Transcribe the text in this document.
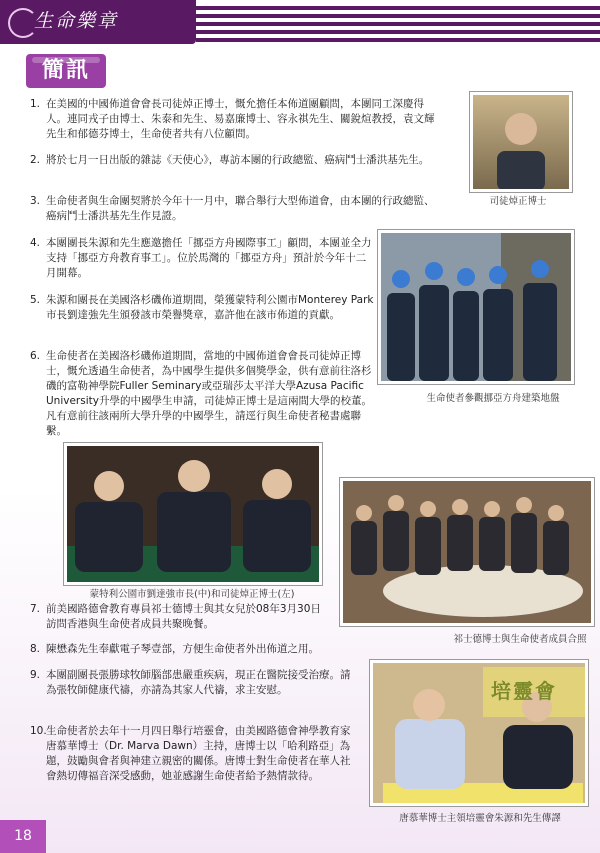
生命樂章
簡訊
1. 在美國的中國佈道會會長司徒焯正博士，慨允擔任本佈道團顧問，本團同工深慶得人。連同戎子由博士、朱泰和先生、易嘉廉博士、容永祺先生、關銳煊教授，袁文輝先生和郁德芬博士，生命使者共有八位顧問。
2. 將於七月一日出版的雜誌《天使心》，專訪本團的行政總監、癌病鬥士潘洪基先生。
3. 生命使者與生命團契將於今年十一月中，聯合舉行大型佈道會，由本團的行政總監、癌病鬥士潘洪基先生作見證。
4. 本團團長朱源和先生應邀擔任「挪亞方舟國際事工」顧問，本團並全力支持「挪亞方舟教育事工」。位於馬灣的「挪亞方舟」預計於今年十二月開幕。
5. 朱源和團長在美國洛杉磯佈道期間，榮獲蒙特利公園市Monterey Park市長劉達強先生頒發該市榮譽獎章，嘉許他在該市佈道的貢獻。
6. 生命使者在美國洛杉磯佈道期間，當地的中國佈道會會長司徒焯正博士，慨允透過生命使者，為中國學生提供多個獎學金，供有意前往洛杉磯的富勒神學院Fuller Seminary或亞瑞莎太平洋大學Azusa Pacific University升學的中國學生申請，司徒焯正博士是這兩間大學的校董。凡有意前往該兩所大學升學的中國學生，請逕行與生命使者秘書處聯繫。
司徒焯正博士
生命使者參觀挪亞方舟建築地盤
蒙特利公園市劉達強市長(中)和司徒焯正博士(左)
祁士德博士與生命使者成員合照
7. 前美國路德會教育專員祁士德博士與其女兒於08年3月30日訪問香港與生命使者成員共聚晚餐。
8. 陳懋森先生奉獻電子琴壹部，方便生命使者外出佈道之用。
9. 本團副團長張勝球牧師腦部患嚴重疾病，現正在醫院接受治療。請為張牧師健康代禱，亦請為其家人代禱，求主安慰。
10. 生命使者於去年十一月四日舉行培靈會，由美國路德會神學教育家唐慕華博士（Dr. Marva Dawn）主持，唐博士以「哈利路亞」為題，鼓勵與會者與神建立親密的關係。唐博士對生命使者在華人社會熱切傳福音深受感動，她並感謝生命使者給予熱情款待。
培靈會
唐慕華博士主領培靈會朱源和先生傳譯
18
